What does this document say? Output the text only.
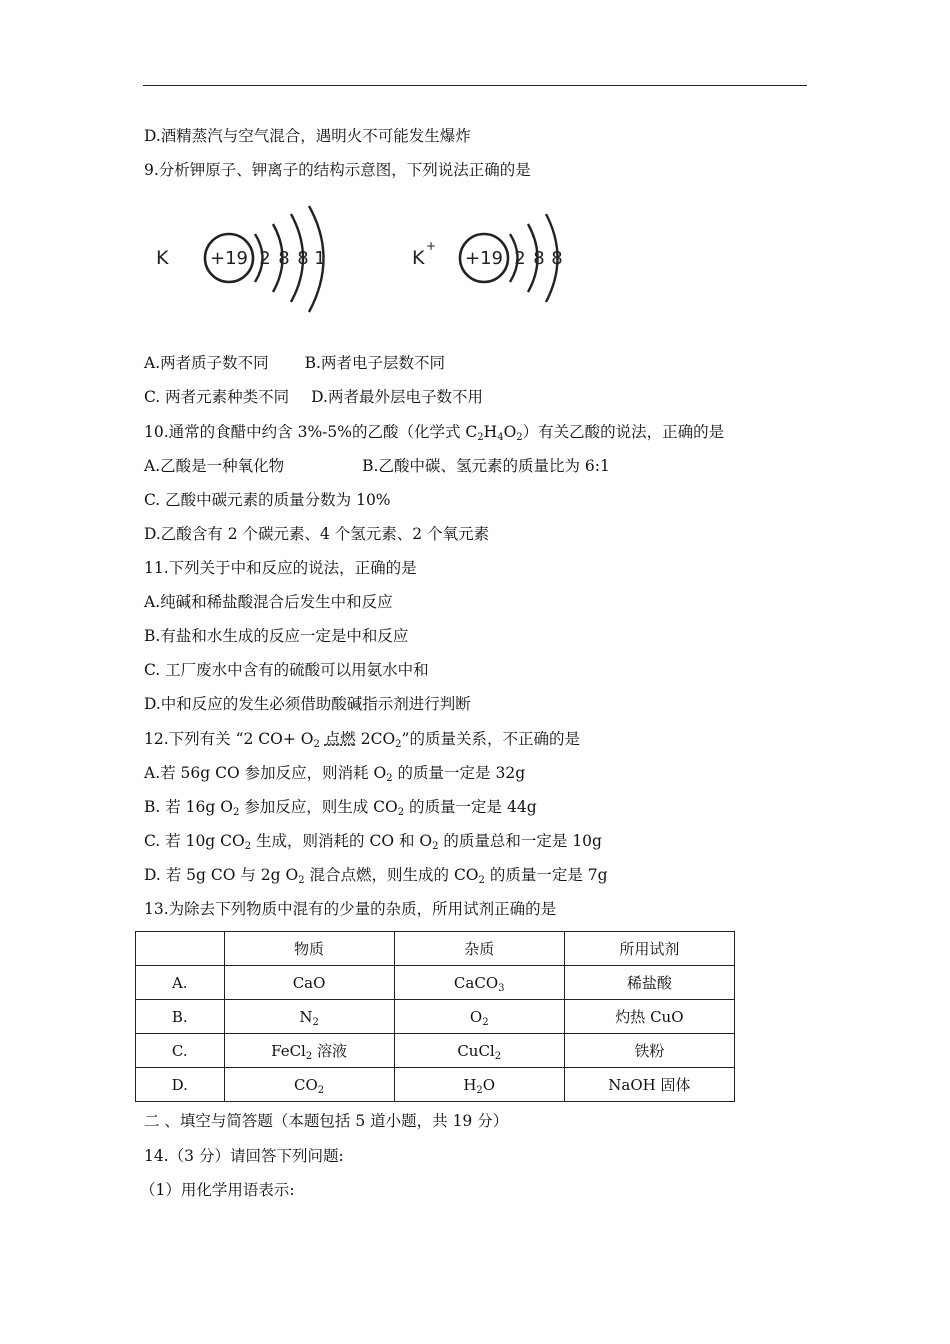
D.酒精蒸汽与空气混合，遇明火不可能发生爆炸
9.分析钾原子、钾离子的结构示意图，下列说法正确的是
K +19 2 8 8 1	K
+
+19 2 8 8
A.两者质子数不同 B.两者电子层数不同
C. 两者元素种类不同 D.两者最外层电子数不用
10.通常的食醋中约含 3%-5%的乙酸（化学式 $C_2H_4O_2$）有关乙酸的说法，正确的是
A.乙酸是一种氧化物	B.乙酸中碳、氢元素的质量比为 6:1
C. 乙酸中碳元素的质量分数为 10%
D.乙酸含有 2 个碳元素、4 个氢元素、2 个氧元素
11.下列关于中和反应的说法，正确的是
A.纯碱和稀盐酸混合后发生中和反应
B.有盐和水生成的反应一定是中和反应
C. 工厂废水中含有的硫酸可以用氨水中和
D.中和反应的发生必须借助酸碱指示剂进行判断
12.下列有关 “2 $CO+ O_2$ 点燃 $2CO_2$”的质量关系，不正确的是
A.若 56g CO 参加反应，则消耗 $O_2$ 的质量一定是 32g
B. 若 16g $O_2$ 参加反应，则生成 $CO_2$ 的质量一定是 44g
C. 若 10g $CO_2$ 生成，则消耗的 CO 和 $O_2$ 的质量总和一定是 10g
D. 若 5g CO 与 2g $O_2$ 混合点燃，则生成的 $CO_2$ 的质量一定是 7g
13.为除去下列物质中混有的少量的杂质，所用试剂正确的是
	物质	杂质	所用试剂
A.	CaO	CaCO$_3$	稀盐酸
B.	$N_2$	$O_2$	灼热 CuO
C.	FeCl$_2$ 溶液	CuCl$_2$	铁粉
D.	$CO_2$	$H_2O$	NaOH 固体
二 、填空与简答题（本题包括 5 道小题，共 19 分）
14.（3 分）请回答下列问题:
（1）用化学用语表示:
